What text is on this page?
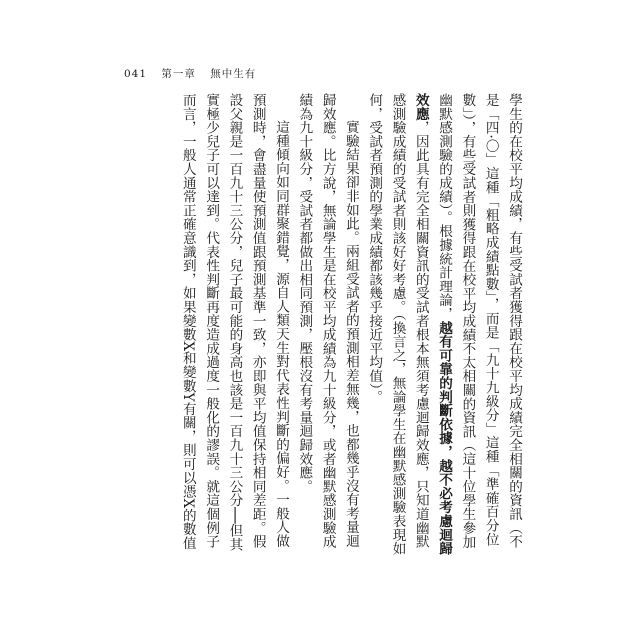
041 第一章 無中生有

學生的在校平均成績，有些受試者獲得跟在校平均成績完全相關的資訊（不是「四·〇」這種「粗略成績點數」，而是「九十九級分」這種「準確百分位數」），有些受試者則獲得跟在校平均成績不太相關的資訊（這十位學生參加幽默感測驗的成績）。根據統計理論，越有可靠的判斷依據，越不必考慮迴歸效應，因此具有完全相關資訊的受試者根本無須考慮迴歸效應，只知道幽默感測驗成績的受試者則該好好考慮。（換言之，無論學生在幽默感測驗表現如何，受試者預測的學業成績都該幾乎接近平均值）。

實驗結果卻非如此。兩組受試者的預測相差無幾，也都幾乎沒有考量迴歸效應。比方說，無論學生是在校平均成績為九十級分，或者幽默感測驗成績為九十級分，受試者都做出相同預測，壓根沒有考量迴歸效應。

這種傾向如同群聚錯覺，源自人類天生對代表性判斷的偏好。一般人做預測時，會盡量使預測值跟預測基準一致，亦即與平均值保持相同差距。假設父親是一百九十三公分，兒子最可能的身高也該是一百九十三公分──但其實極少兒子可以達到。代表性判斷再度造成過度一般化的謬誤。就這個例子而言，一般人通常正確意識到，如果變數X和變數Y有關，則可以憑X的數值
